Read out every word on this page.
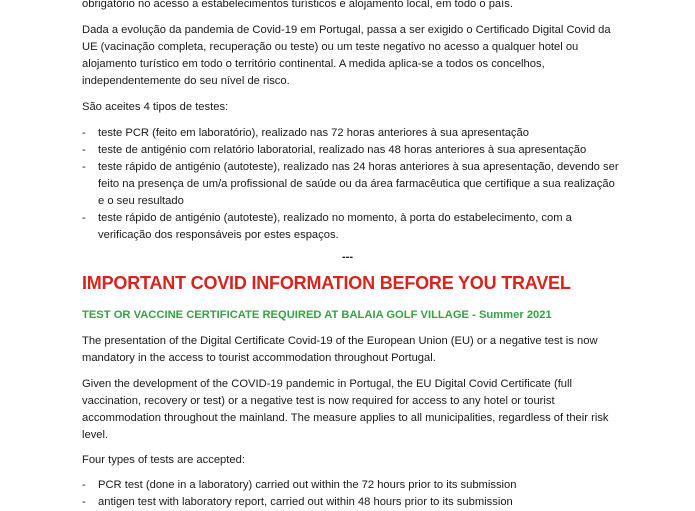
obrigatório no acesso a estabelecimentos turísticos e alojamento local, em todo o país.

Dada a evolução da pandemia de Covid-19 em Portugal, passa a ser exigido o Certificado Digital Covid da UE (vacinação completa, recuperação ou teste) ou um teste negativo no acesso a qualquer hotel ou alojamento turístico em todo o território continental. A medida aplica-se a todos os concelhos, independentemente do seu nível de risco.

São aceites 4 tipos de testes:

- teste PCR (feito em laboratório), realizado nas 72 horas anteriores à sua apresentação
- teste de antigénio com relatório laboratorial, realizado nas 48 horas anteriores à sua apresentação
- teste rápido de antigénio (autoteste), realizado nas 24 horas anteriores à sua apresentação, devendo ser feito na presença de um/a profissional de saúde ou da área farmacêutica que certifique a sua realização e o seu resultado
- teste rápido de antigénio (autoteste), realizado no momento, à porta do estabelecimento, com a verificação dos responsáveis por estes espaços.
---
IMPORTANT COVID INFORMATION BEFORE YOU TRAVEL
TEST OR VACCINE CERTIFICATE REQUIRED AT BALAIA GOLF VILLAGE - Summer 2021

The presentation of the Digital Certificate Covid-19 of the European Union (EU) or a negative test is now mandatory in the access to tourist accommodation throughout Portugal.

Given the development of the COVID-19 pandemic in Portugal, the EU Digital Covid Certificate (full vaccination, recovery or test) or a negative test is now required for access to any hotel or tourist accommodation throughout the mainland. The measure applies to all municipalities, regardless of their risk level.

Four types of tests are accepted:

- PCR test (done in a laboratory) carried out within the 72 hours prior to its submission
- antigen test with laboratory report, carried out within 48 hours prior to its submission
